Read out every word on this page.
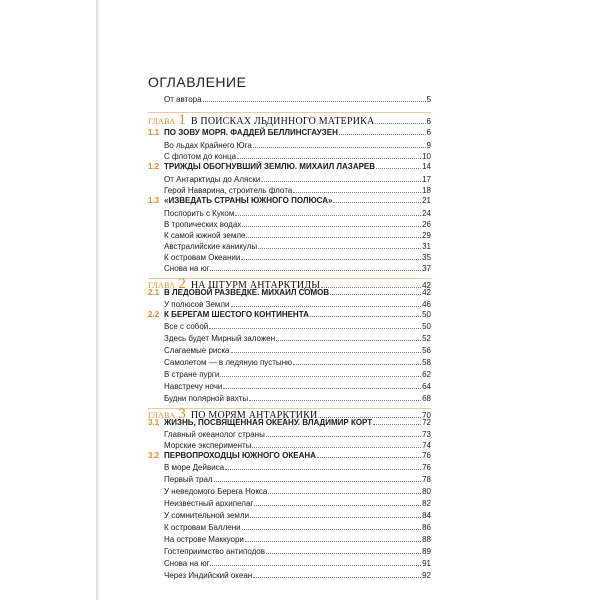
ОГЛАВЛЕНИЕ
От автора	5
ГЛАВА 1 В ПОИСКАХ ЛЬДИННОГО МАТЕРИКА	6
1.1 ПО ЗОВУ МОРЯ. ФАДДЕЙ БЕЛЛИНСГАУЗЕН	6
Во льдах Крайнего Юга	9
С флотом до конца	10
1.2 ТРИЖДЫ ОБОГНУВШИЙ ЗЕМЛЮ. МИХАИЛ ЛАЗАРЕВ	14
От Антарктиды до Аляски	17
Герой Наварина, строитель флота	18
1.3 «ИЗВЕДАТЬ СТРАНЫ ЮЖНОГО ПОЛЮСА»	21
Поспорить с Куком	24
В тропических водах	26
К самой южной земле	29
Австралийские каникулы	31
К островам Океании	35
Снова на юг	37
ГЛАВА 2 НА ШТУРМ АНТАРКТИДЫ	42
2.1 В ЛЕДОВОЙ РАЗВЕДКЕ. МИХАИЛ СОМОВ	42
У полюсов Земли	46
2.2 К БЕРЕГАМ ШЕСТОГО КОНТИНЕНТА	50
Все с собой	50
Здесь будет Мирный заложен	52
Слагаемые риска	56
Самолетом — в ледяную пустыню	58
В стране пурги	62
Навстречу ночи	64
Будни полярной вахты	68
ГЛАВА 3 ПО МОРЯМ АНТАРКТИКИ	70
3.1 ЖИЗНЬ, ПОСВЯЩЕННАЯ ОКЕАНУ. ВЛАДИМИР КОРТ	72
Главный океанолог страны	73
Морские эксперименты	74
3.2 ПЕРВОПРОХОДЦЫ ЮЖНОГО ОКЕАНА	76
В море Дейвиса	76
Первый трал	78
У неведомого Берега Нокса	80
Неизвестный архипелаг	82
У сомнительной земли	84
К островам Баллени	86
На острове Маккуори	88
Гостеприимство антиподов	89
Снова на юг	91
Через Индийский океан	92
